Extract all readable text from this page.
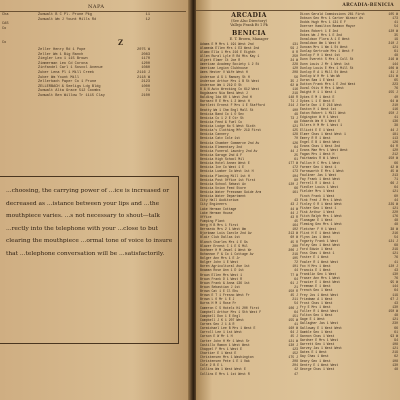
NAPA
Cha
CAS
Co
Co
Zumwalt B C Pl. Prune Pkg	11
Zumwalt Wm J Yount Mills Rd	12
Z
Zeller Henry Rd 1 Pope	2075 W
Zeller Wm 1 Big Ranch	2083
Ziegler Leo 1 115 Brown	1170
Zimmerman Leo Cd Corona	1200
Zinfandel Carl 1 Soscol Avenue	1080
Zuber Lena Pl 1 Mill Creek	2116 J
Zuber Wm Yount Mill	2118 W
Zellerbach Paper Co 1 Prune	2123
ZELLERBACH & Seeligs Ldg Bldg	1000
Zumwalt Alta Grace 512 Coombs	71
Zumwalt Ben Willow Tr 1115 Clay	2100

...choosing, the carrying power of ...ice is increased or decreased as ...istance between your lips and ...the mouthpiece varies. ...s not necessary to shout—talk ...rectly into the telephone with your ...close to but clearing the mouthpiece ...ormal tone of voice to insure that ...telephone conversation will be ...satisfactorily.

ARCADIA-BENICIA
ARCADIA
(See Also Directory)
Vallejo Frank Rt 1 Pk
BENICIA
E. T. Brown, Manager
Adams E M Mrs 1 191 West 2nd	131
Alameda Ellen Mrs 1 E3 West 2nd	59 J
Alamo Ella 1 Mrs 216 E Eighth	8 R
Allen Rural Lyle R Rd Mts Kay 1	250
Alpert Elmer Ct Joe R	24 W
American Academy Society 1 2 St	228
American Legion Clubhouse	120
Ames Hester V Wife West H	208
Anderson A G 1 Ramsey St H	56
Anderson Arthur Mrs 1 B St West	35 J
Anderson Wm 1 219 D St	62 W
B & N Auto Wrecking Co 612 West	116
Bagdasaro Nia Beni West J	219
Balding Ida 60 1 West 2nd H	148 R
Barnard R E Mrs 1 2 West H	71 J
Bartlett Ernest F Mrs 1 E Stafford	214 J
Beatty Wm 1 Chm Engl Mall St	100
Benicia Band Co 1 O Sec	49
Benicia Co 1 2 E Ctr St	73 J
Benicia Feed & Fuel Co	60
Benicia Lodge No 5 West Sixth	121
Benicia's Clothing Mfr 219 First	125
Benicia Cannery	128
Benicia Catv Cole 1st	70
Benicia Chamber Commerce 2nd Av	126
Benicia Elementary 2nd	64
Benicia Funeral Laundry 2nd Av	44 J
Benicia Garage 2nd & F	25
Benicia High School Mil	61
Benicia Hotel Annex West E	177 W
Benicia Ice Co West 1 E	172
Benicia Lumber Co West 1st H	173
Benicia Planing Mill 1st H	104
Benicia Post Office 1st First	90
Benicia School Sebast Av	120 J
Benicia Union Feed Store	66
Benicia Water Pressman Guide Arm	161
Benicia Water Department
City Hall Auditorium	43
City Engineers	43 J
Lake Herman Cottage	44 W
Lake Herman House	44 J
Office	43 R
Pumping Plant	45
Berg H B Mrs 1 First	164
Bernardo Mrs 2 1 West Wm	102
Bjorkman Lois Carole 2nd Av	213 W
Blair Club Dallas 1st	60 W
Blanch Charles Mrs 1 E Gs	45 R
Blazer Ernest C 1 E G Mil	200
Boehmer H M Jewel 1 West Wr	206 J
Bohannon F & Co 1 Cottage Av	219
Bolger Ann Mrs 1 E Jr	105
Bolger John 1 E West	72
Boren Agricultural Ave 1st	101
Bowman Rose Ann 1 D 1st	44
Braun Ellen Mrs West 1	77 W
Braun Frank D 1 West R	64
Braun Frank & Anna 136 1st	61 J
Braun Sebastian J 1st	21
Brown Cat 1 E Cl Ehu	150 R
Brown E T 1 Fresno West Fr	45 J
Brown L O Mr 1 E J	211
Burns H M 1 Rose Fr	54
Cameron C S Hotels H1 200 First	106 J
Campbell Arthur Mrs 1 Sth West F	64
Campbell Don 1 E Engl	151
Campbell J K 1 207 West	155 W
Carnes Geo J 1 & R	41
Carmichael Lee B Mrs 1 West E	160 W
Carroll Lee 1 1st West	64 J
Carson E W Mr 1 H	45 J
Carter John H Mr 1 West Sr	121 W
Castillo Ramon 1 West West	130 J
Chappel F Mrs 1 West E	123
Chartier E 1 West E	152
Christensen Mrs 1 Washington	175 J
Christensen Pete 1 E 1 Oak	208
Cole 2 B E L	204
Collins Wm 1 West West E	42
Collins E Mrs 1 1st West R	47
Dixon Gerald Commissions 261 First	105 W
Dobson Geo Mrs 1 Carter Winsor Av	173
Dodds Hugh Mrs 1 131 E F	41
Doerner Hamilton Beamon Mayor	54
Dokes Robert 1 E 2nd	120 W
Dokes Wm J Mrs 1 E 2nd	35
Donaldson Flora A 1 E West	19
Donaldson Wm 1 West H	210 J
Duncan Mrs 1 Wm 1 St West	121
Dunlap Gertrude Mrs 1 West F	61
Dunlop F H 1 West 1st	48
Dunn Everett S Mrs 1 Coll St	216 W
Dunn Louis J Mr 1 West 1st	144
Dunlop Louis E Mrs 1 Mill St	106 W
Dunlop R A 1 Mill St West	41 J
Dunlop W H Mr 1 Wm Wk	121 W
Duran Sam 1 E West	65
Dutton Frank Mrs 1 E 2nd West	223
Duval Otis H Mrs 1 West	76
Dwight H 1 1 West 1	155 J
Dykes E M 1 West E	40
Dykes L 1 E West E	64 W
Earle Don 1 E 216 West	210
Easton H 1 West 1st	116
Eaton Robert 1 Mill West	150 J
Edgington W H 1 West	41
Edwards Wm H 1 West E	136
Eilers H M Mr 1 West 1	38
Elliott E E 1 West	44 J
Elmer Chas 1 West West 1	181
Emery R R 1 West	113
Engel E B 1 West West	126
Evans Chas 1 West 2nd	64 R
Evans Mae Mrs 1 West West	120
Fagan Mrs 1 West H	212
Fairbanks R W 1 West	150 W
Fallon H C Mrs 1 West	66
Farmer Geo 1 West 1	42 W
Farnsworth E Mrs 1 West	45 W
Faulkner Jas 1 West	213
Fay Frank 1 West West	71
Ferrell R 1 West 1	66 J
Fiedler Louis 1 West	64
Fielder Mrs 1 West	121
Finch Frank 1 West	60
Fink Fred J Mrs 1 West	44
Finley O R 1 West West	229 W
Fisher Geo 1 West 1	121
Fisk Arthur 1 West	220
Fitch Ralph Mrs 1 West	176
Flanagan E 1 West	48
Fleming Geo Mrs 1 West	48
Fletcher F H 1 West	38 W
Flint H E 1 West West	216
Flynn Jas 1 West	54
Fogarty Frank 1 West	121 J
Foley Geo 1 West West	68
Ford Edwin 1 West	219
Foss Chas 1 West 1	121
Foster E 1 West	76
Fowler R 1 West West	41
Fox H Mrs 1 West	120 J
Francis E 1 West	43
Franklin Geo 1 West	130
Fraser Ann Mrs 1 West	76
Frazier E 1 West West	95 W
Freeman E 1 West	144
French Geo 1 West	64
Frey Jos 1 West West	119
Friedman A 1 West	67 J
Frost Chas 1 West	43
Fry E Mrs 1 West	130
Fuller R 1 West West	150 W
Fulton Geo 1 West	48
Gage E 1 West	121
Gallagher Jas 1 West	230
Galloway E 1 West West	66
Gamble Geo 1 West	61
Gannon Chas 1 West	93 W
Gardner E Mrs 1 West	94
Garrett Geo 1 West	108
Garvey Jas 1 West West	121
Gates E 1 West	219
Gay Chas 1 West	62
Geary Geo 1 West	108
Gentry E 1 West West	130
George Chas 1 West	48
